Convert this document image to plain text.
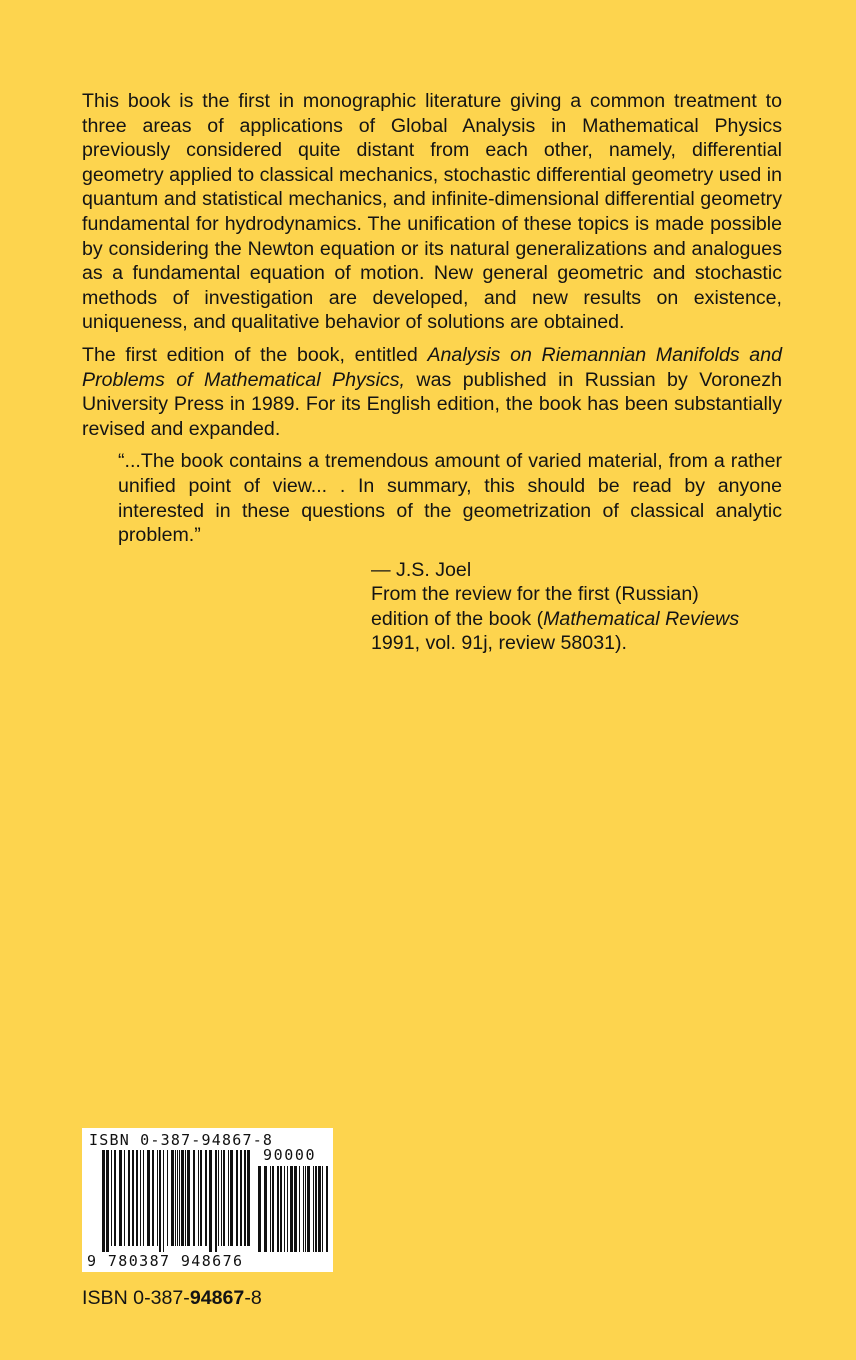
This book is the first in monographic literature giving a common treatment to three areas of applications of Global Analysis in Mathematical Physics previously considered quite distant from each other, namely, differential geometry applied to classical mechanics, stochastic differential geometry used in quantum and statistical mechanics, and infinite-dimensional differential geometry fundamental for hydrodynamics. The unification of these topics is made possible by considering the Newton equation or its natural generalizations and analogues as a fundamental equation of motion. New general geometric and stochastic methods of investigation are developed, and new results on existence, uniqueness, and qualitative behavior of solutions are obtained.

The first edition of the book, entitled Analysis on Riemannian Manifolds and Problems of Mathematical Physics, was published in Russian by Voronezh University Press in 1989. For its English edition, the book has been substantially revised and expanded.

“...The book contains a tremendous amount of varied material, from a rather unified point of view... . In summary, this should be read by anyone interested in these questions of the geometrization of classical analytic problem.”

— J.S. Joel
From the review for the first (Russian)
edition of the book (Mathematical Reviews
1991, vol. 91j, review 58031).
ISBN 0-387-94867-8
90000
9 780387 948676
ISBN 0-387-94867-8
